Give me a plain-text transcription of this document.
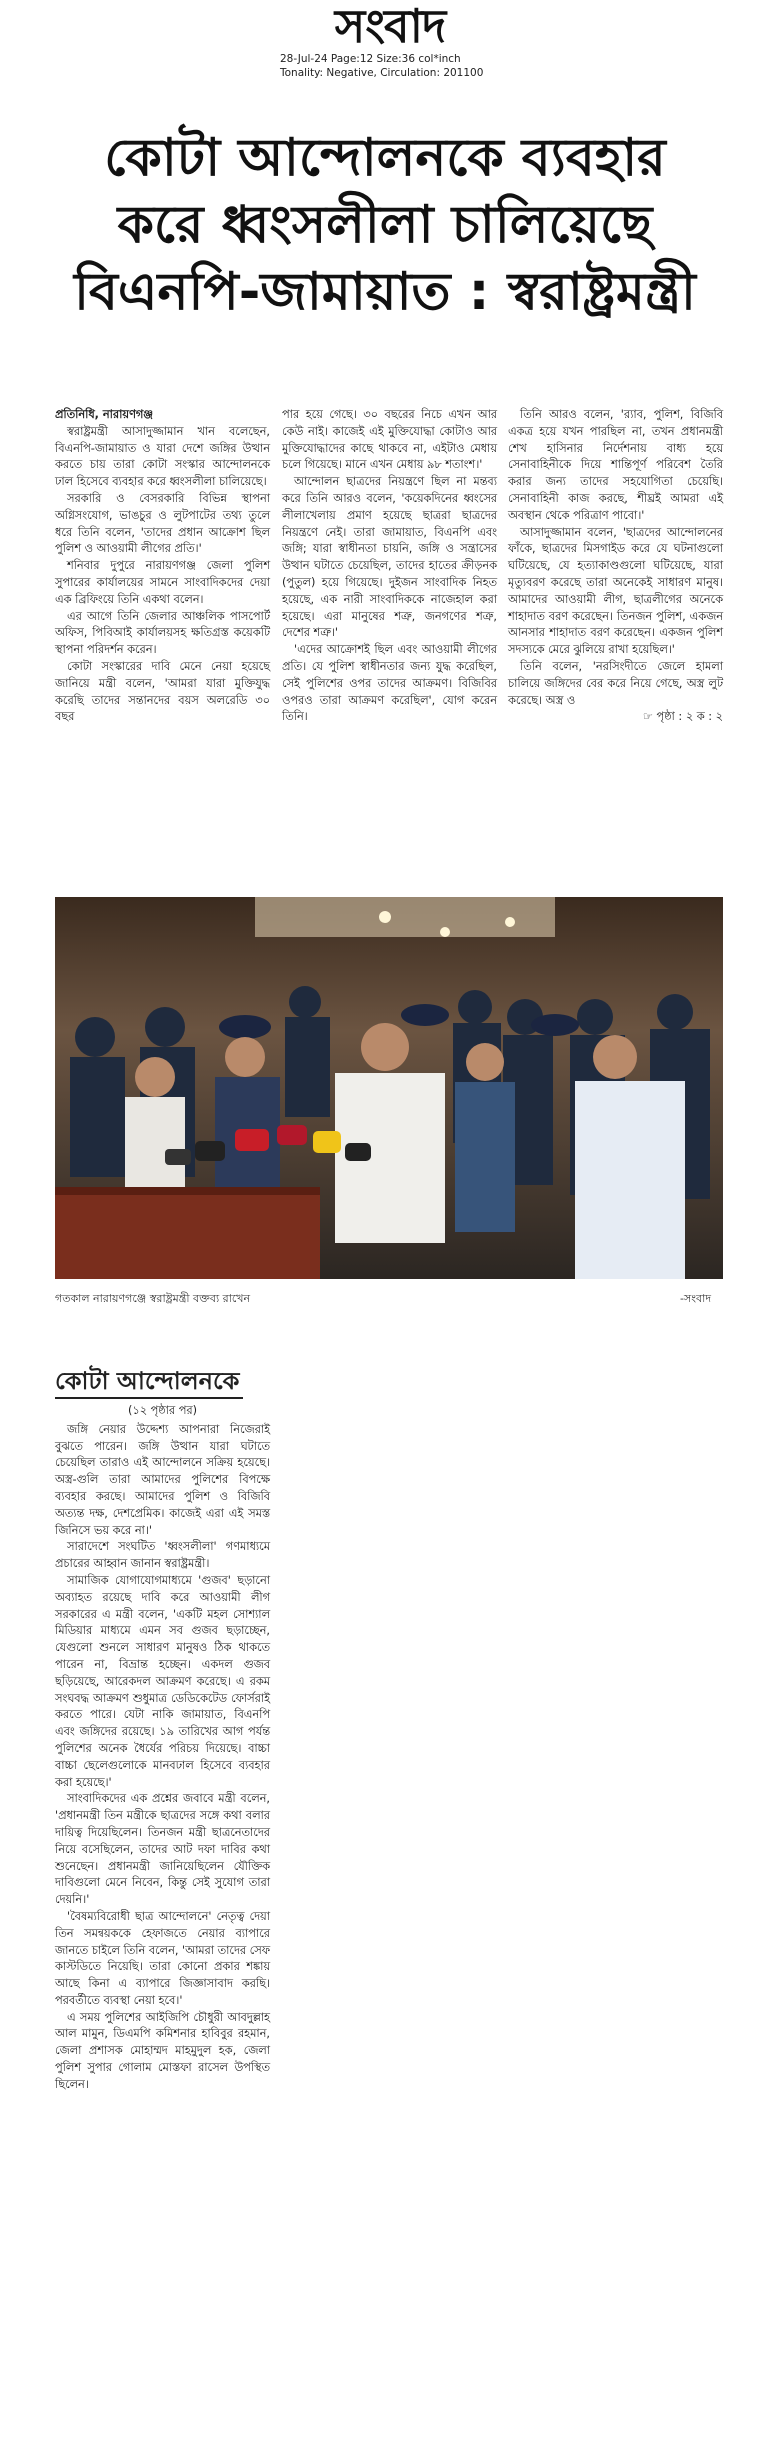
সংবাদ
28-Jul-24 Page:12 Size:36 col*inch
Tonality: Negative, Circulation: 201100
কোটা আন্দোলনকে ব্যবহার
করে ধ্বংসলীলা চালিয়েছে
বিএনপি-জামায়াত : স্বরাষ্ট্রমন্ত্রী

প্রতিনিধি, নারায়ণগঞ্জ

স্বরাষ্ট্রমন্ত্রী আসাদুজ্জামান খান বলেছেন, বিএনপি-জামায়াত ও যারা দেশে জঙ্গির উত্থান করতে চায় তারা কোটা সংস্কার আন্দোলনকে ঢাল হিসেবে ব্যবহার করে ধ্বংসলীলা চালিয়েছে।

সরকারি ও বেসরকারি বিভিন্ন স্থাপনা অগ্নিসংযোগ, ভাঙচুর ও লুটপাটের তথ্য তুলে ধরে তিনি বলেন, 'তাদের প্রধান আক্রোশ ছিল পুলিশ ও আওয়ামী লীগের প্রতি।'

শনিবার দুপুরে নারায়ণগঞ্জ জেলা পুলিশ সুপারের কার্যালয়ের সামনে সাংবাদিকদের দেয়া এক ব্রিফিংয়ে তিনি একথা বলেন।

এর আগে তিনি জেলার আঞ্চলিক পাসপোর্ট অফিস, পিবিআই কার্যালয়সহ ক্ষতিগ্রস্ত কয়েকটি স্থাপনা পরিদর্শন করেন।

কোটা সংস্কারের দাবি মেনে নেয়া হয়েছে জানিয়ে মন্ত্রী বলেন, 'আমরা যারা মুক্তিযুদ্ধ করেছি তাদের সন্তানদের বয়স অলরেডি ৩০ বছর

পার হয়ে গেছে। ৩০ বছরের নিচে এখন আর কেউ নাই। কাজেই এই মুক্তিযোদ্ধা কোটাও আর মুক্তিযোদ্ধাদের কাছে থাকবে না, এইটাও মেধায় চলে গিয়েছে। মানে এখন মেধায় ৯৮ শতাংশ।'

আন্দোলন ছাত্রদের নিয়ন্ত্রণে ছিল না মন্তব্য করে তিনি আরও বলেন, 'কয়েকদিনের ধ্বংসের লীলাখেলায় প্রমাণ হয়েছে ছাত্ররা ছাত্রদের নিয়ন্ত্রণে নেই। তারা জামায়াত, বিএনপি এবং জঙ্গি; যারা স্বাধীনতা চায়নি, জঙ্গি ও সন্ত্রাসের উত্থান ঘটাতে চেয়েছিল, তাদের হাতের ক্রীড়নক (পুতুল) হয়ে গিয়েছে। দুইজন সাংবাদিক নিহত হয়েছে, এক নারী সাংবাদিককে নাজেহাল করা হয়েছে। এরা মানুষের শত্রু, জনগণের শত্রু, দেশের শত্রু।'

'এদের আক্রোশই ছিল এবং আওয়ামী লীগের প্রতি। যে পুলিশ স্বাধীনতার জন্য যুদ্ধ করেছিল, সেই পুলিশের ওপর তাদের আক্রমণ। বিজিবির ওপরও তারা আক্রমণ করেছিল', যোগ করেন তিনি।

তিনি আরও বলেন, 'র‍্যাব, পুলিশ, বিজিবি একত্র হয়ে যখন পারছিল না, তখন প্রধানমন্ত্রী শেখ হাসিনার নির্দেশনায় বাধ্য হয়ে সেনাবাহিনীকে দিয়ে শান্তিপূর্ণ পরিবেশ তৈরি করার জন্য তাদের সহযোগিতা চেয়েছি। সেনাবাহিনী কাজ করছে, শীঘ্রই আমরা এই অবস্থান থেকে পরিত্রাণ পাবো।'

আসাদুজ্জামান বলেন, 'ছাত্রদের আন্দোলনের ফাঁকে, ছাত্রদের মিসগাইড করে যে ঘটনাগুলো ঘটিয়েছে, যে হত্যাকাণ্ডগুলো ঘটিয়েছে, যারা মৃত্যুবরণ করেছে তারা অনেকেই সাধারণ মানুষ। আমাদের আওয়ামী লীগ, ছাত্রলীগের অনেকে শাহাদাত বরণ করেছেন। তিনজন পুলিশ, একজন আনসার শাহাদাত বরণ করেছেন। একজন পুলিশ সদস্যকে মেরে ঝুলিয়ে রাখা হয়েছিল।'

তিনি বলেন, 'নরসিংদীতে জেলে হামলা চালিয়ে জঙ্গিদের বের করে নিয়ে গেছে, অস্ত্র লুট করেছে। অস্ত্র ও

☞ পৃষ্ঠা : ২ ক : ২

গতকাল নারায়ণগঞ্জে স্বরাষ্ট্রমন্ত্রী বক্তব্য রাখেন	-সংবাদ
কোটা আন্দোলনকে
(১২ পৃষ্ঠার পর)

জঙ্গি নেয়ার উদ্দেশ্য আপনারা নিজেরাই বুঝতে পারেন। জঙ্গি উত্থান যারা ঘটাতে চেয়েছিল তারাও এই আন্দোলনে সক্রিয় হয়েছে। অস্ত্র-গুলি তারা আমাদের পুলিশের বিপক্ষে ব্যবহার করছে। আমাদের পুলিশ ও বিজিবি অত্যন্ত দক্ষ, দেশপ্রেমিক। কাজেই এরা এই সমস্ত জিনিসে ভয় করে না।'

সারাদেশে সংঘটিত 'ধ্বংসলীলা' গণমাধ্যমে প্রচারের আহ্বান জানান স্বরাষ্ট্রমন্ত্রী।

সামাজিক যোগাযোগমাধ্যমে 'গুজব' ছড়ানো অব্যাহত রয়েছে দাবি করে আওয়ামী লীগ সরকারের এ মন্ত্রী বলেন, 'একটি মহল সোশ্যাল মিডিয়ার মাধ্যমে এমন সব গুজব ছড়াচ্ছেন, যেগুলো শুনলে সাধারণ মানুষও ঠিক থাকতে পারেন না, বিভ্রান্ত হচ্ছেন। একদল গুজব ছড়িয়েছে, আরেকদল আক্রমণ করেছে। এ রকম সংঘবদ্ধ আক্রমণ শুধুমাত্র ডেডিকেটেড ফোর্সরাই করতে পারে। যেটা নাকি জামায়াত, বিএনপি এবং জঙ্গিদের রয়েছে। ১৯ তারিখের আগ পর্যন্ত পুলিশের অনেক ধৈর্যের পরিচয় দিয়েছে। বাচ্চা বাচ্চা ছেলেগুলোকে মানবঢাল হিসেবে ব্যবহার করা হয়েছে।'

সাংবাদিকদের এক প্রশ্নের জবাবে মন্ত্রী বলেন, 'প্রধানমন্ত্রী তিন মন্ত্রীকে ছাত্রদের সঙ্গে কথা বলার দায়িত্ব দিয়েছিলেন। তিনজন মন্ত্রী ছাত্রনেতাদের নিয়ে বসেছিলেন, তাদের আট দফা দাবির কথা শুনেছেন। প্রধানমন্ত্রী জানিয়েছিলেন যৌক্তিক দাবিগুলো মেনে নিবেন, কিন্তু সেই সুযোগ তারা দেয়নি।'

'বৈষম্যবিরোধী ছাত্র আন্দোলনে' নেতৃত্ব দেয়া তিন সমন্বয়ককে হেফাজতে নেয়ার ব্যাপারে জানতে চাইলে তিনি বলেন, 'আমরা তাদের সেফ কাস্টডিতে নিয়েছি। তারা কোনো প্রকার শঙ্কায় আছে কিনা এ ব্যাপারে জিজ্ঞাসাবাদ করছি। পরবর্তীতে ব্যবস্থা নেয়া হবে।'

এ সময় পুলিশের আইজিপি চৌধুরী আবদুল্লাহ আল মামুন, ডিএমপি কমিশনার হাবিবুর রহমান, জেলা প্রশাসক মোহাম্মদ মাহমুদুল হক, জেলা পুলিশ সুপার গোলাম মোস্তফা রাসেল উপস্থিত ছিলেন।
